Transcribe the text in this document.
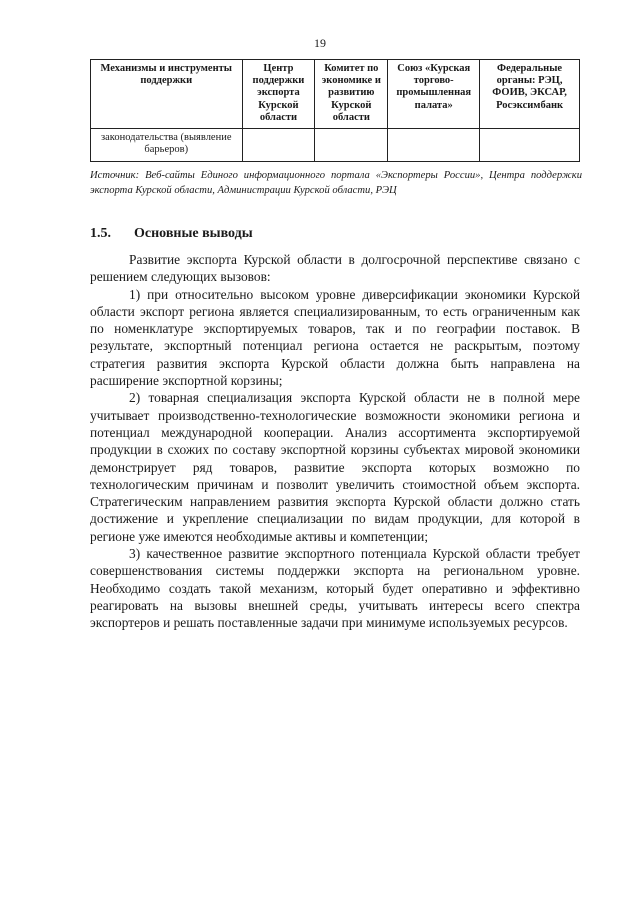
19
Механизмы и инструменты поддержки	Центр поддержки экспорта Курской области	Комитет по экономике и развитию Курской области	Союз «Курская торгово-промышленная палата»	Федеральные органы: РЭЦ, ФОИВ, ЭКСАР, Росэксимбанк
законодательства (выявление барьеров)				
Источник: Веб-сайты Единого информационного портала «Экспортеры России», Центра поддержки экспорта Курской области, Администрации Курской области, РЭЦ
1.5. Основные выводы

Развитие экспорта Курской области в долгосрочной перспективе связано с решением следующих вызовов:

1) при относительно высоком уровне диверсификации экономики Курской области экспорт региона является специализированным, то есть ограниченным как по номенклатуре экспортируемых товаров, так и по географии поставок. В результате, экспортный потенциал региона остается не раскрытым, поэтому стратегия развития экспорта Курской области должна быть направлена на расширение экспортной корзины;

2) товарная специализация экспорта Курской области не в полной мере учитывает производственно-технологические возможности экономики региона и потенциал международной кооперации. Анализ ассортимента экспортируемой продукции в схожих по составу экспортной корзины субъектах мировой экономики демонстрирует ряд товаров, развитие экспорта которых возможно по технологическим причинам и позволит увеличить стоимостной объем экспорта. Стратегическим направлением развития экспорта Курской области должно стать достижение и укрепление специализации по видам продукции, для которой в регионе уже имеются необходимые активы и компетенции;

3) качественное развитие экспортного потенциала Курской области требует совершенствования системы поддержки экспорта на региональном уровне. Необходимо создать такой механизм, который будет оперативно и эффективно реагировать на вызовы внешней среды, учитывать интересы всего спектра экспортеров и решать поставленные задачи при минимуме используемых ресурсов.
